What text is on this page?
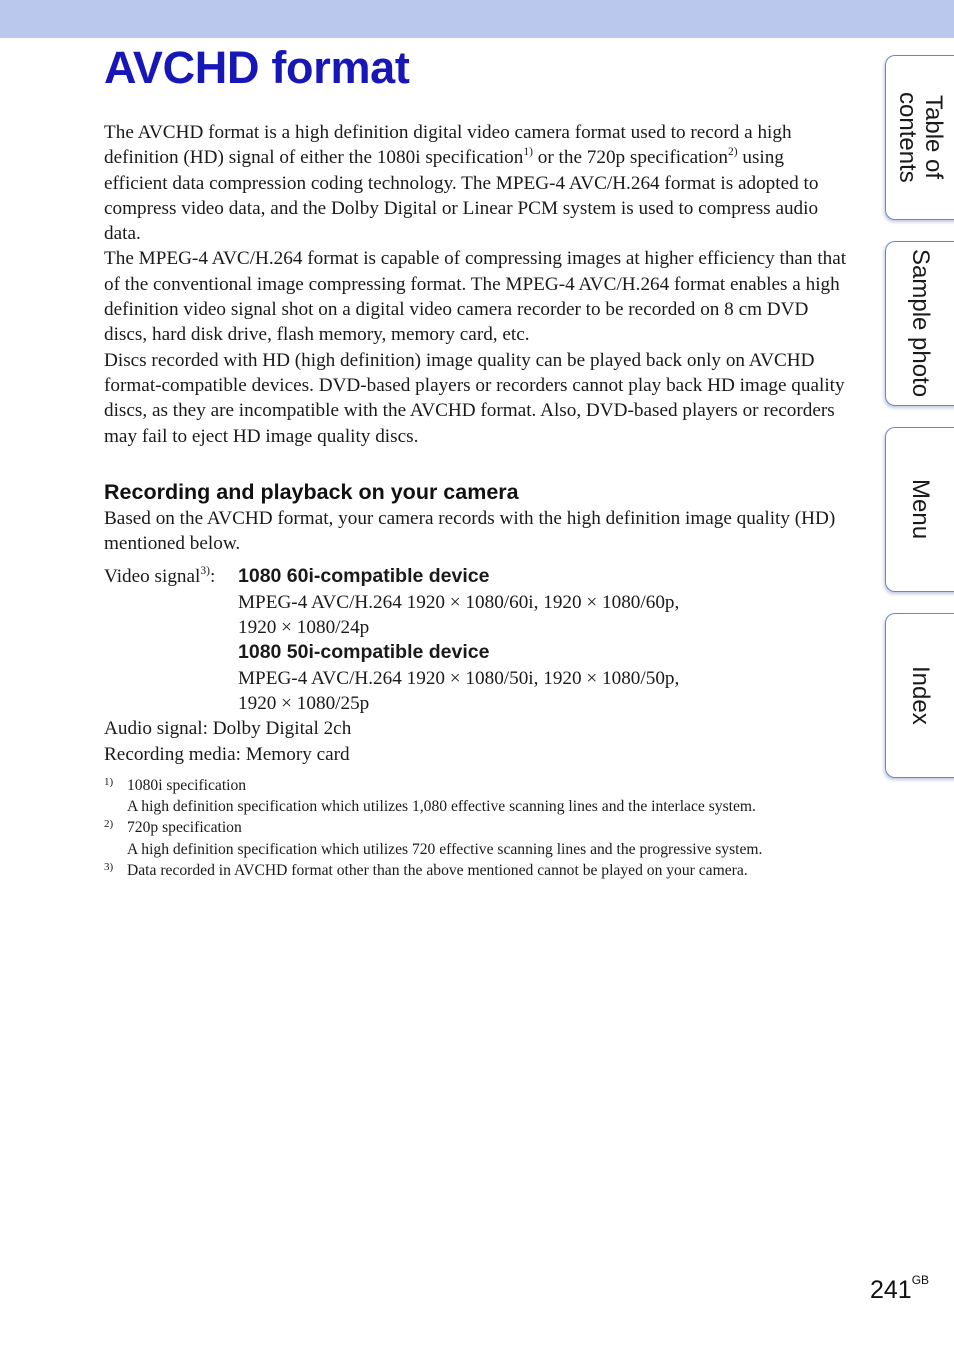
AVCHD format

The AVCHD format is a high definition digital video camera format used to record a high definition (HD) signal of either the 1080i specification$^{1)}$ or the 720p specification$^{2)}$ using efficient data compression coding technology. The MPEG-4 AVC/H.264 format is adopted to compress video data, and the Dolby Digital or Linear PCM system is used to compress audio data.

The MPEG-4 AVC/H.264 format is capable of compressing images at higher efficiency than that of the conventional image compressing format. The MPEG-4 AVC/H.264 format enables a high definition video signal shot on a digital video camera recorder to be recorded on 8 cm DVD discs, hard disk drive, flash memory, memory card, etc.

Discs recorded with HD (high definition) image quality can be played back only on AVCHD format-compatible devices. DVD-based players or recorders cannot play back HD image quality discs, as they are incompatible with the AVCHD format. Also, DVD-based players or recorders may fail to eject HD image quality discs.

Recording and playback on your camera

Based on the AVCHD format, your camera records with the high definition image quality (HD) mentioned below.

Video signal$^{3)}$:	1080 60i-compatible device
MPEG-4 AVC/H.264 1920 × 1080/60i, 1920 × 1080/60p,
1920 × 1080/24p
1080 50i-compatible device
MPEG-4 AVC/H.264 1920 × 1080/50i, 1920 × 1080/50p,
1920 × 1080/25p
Audio signal: Dolby Digital 2ch
Recording media: Memory card
1) 1080i specification
A high definition specification which utilizes 1,080 effective scanning lines and the interlace system.
2) 720p specification
A high definition specification which utilizes 720 effective scanning lines and the progressive system.
3) Data recorded in AVCHD format other than the above mentioned cannot be played on your camera.
Table of
contents
Sample photo
Menu
Index
$241^{GB}$
